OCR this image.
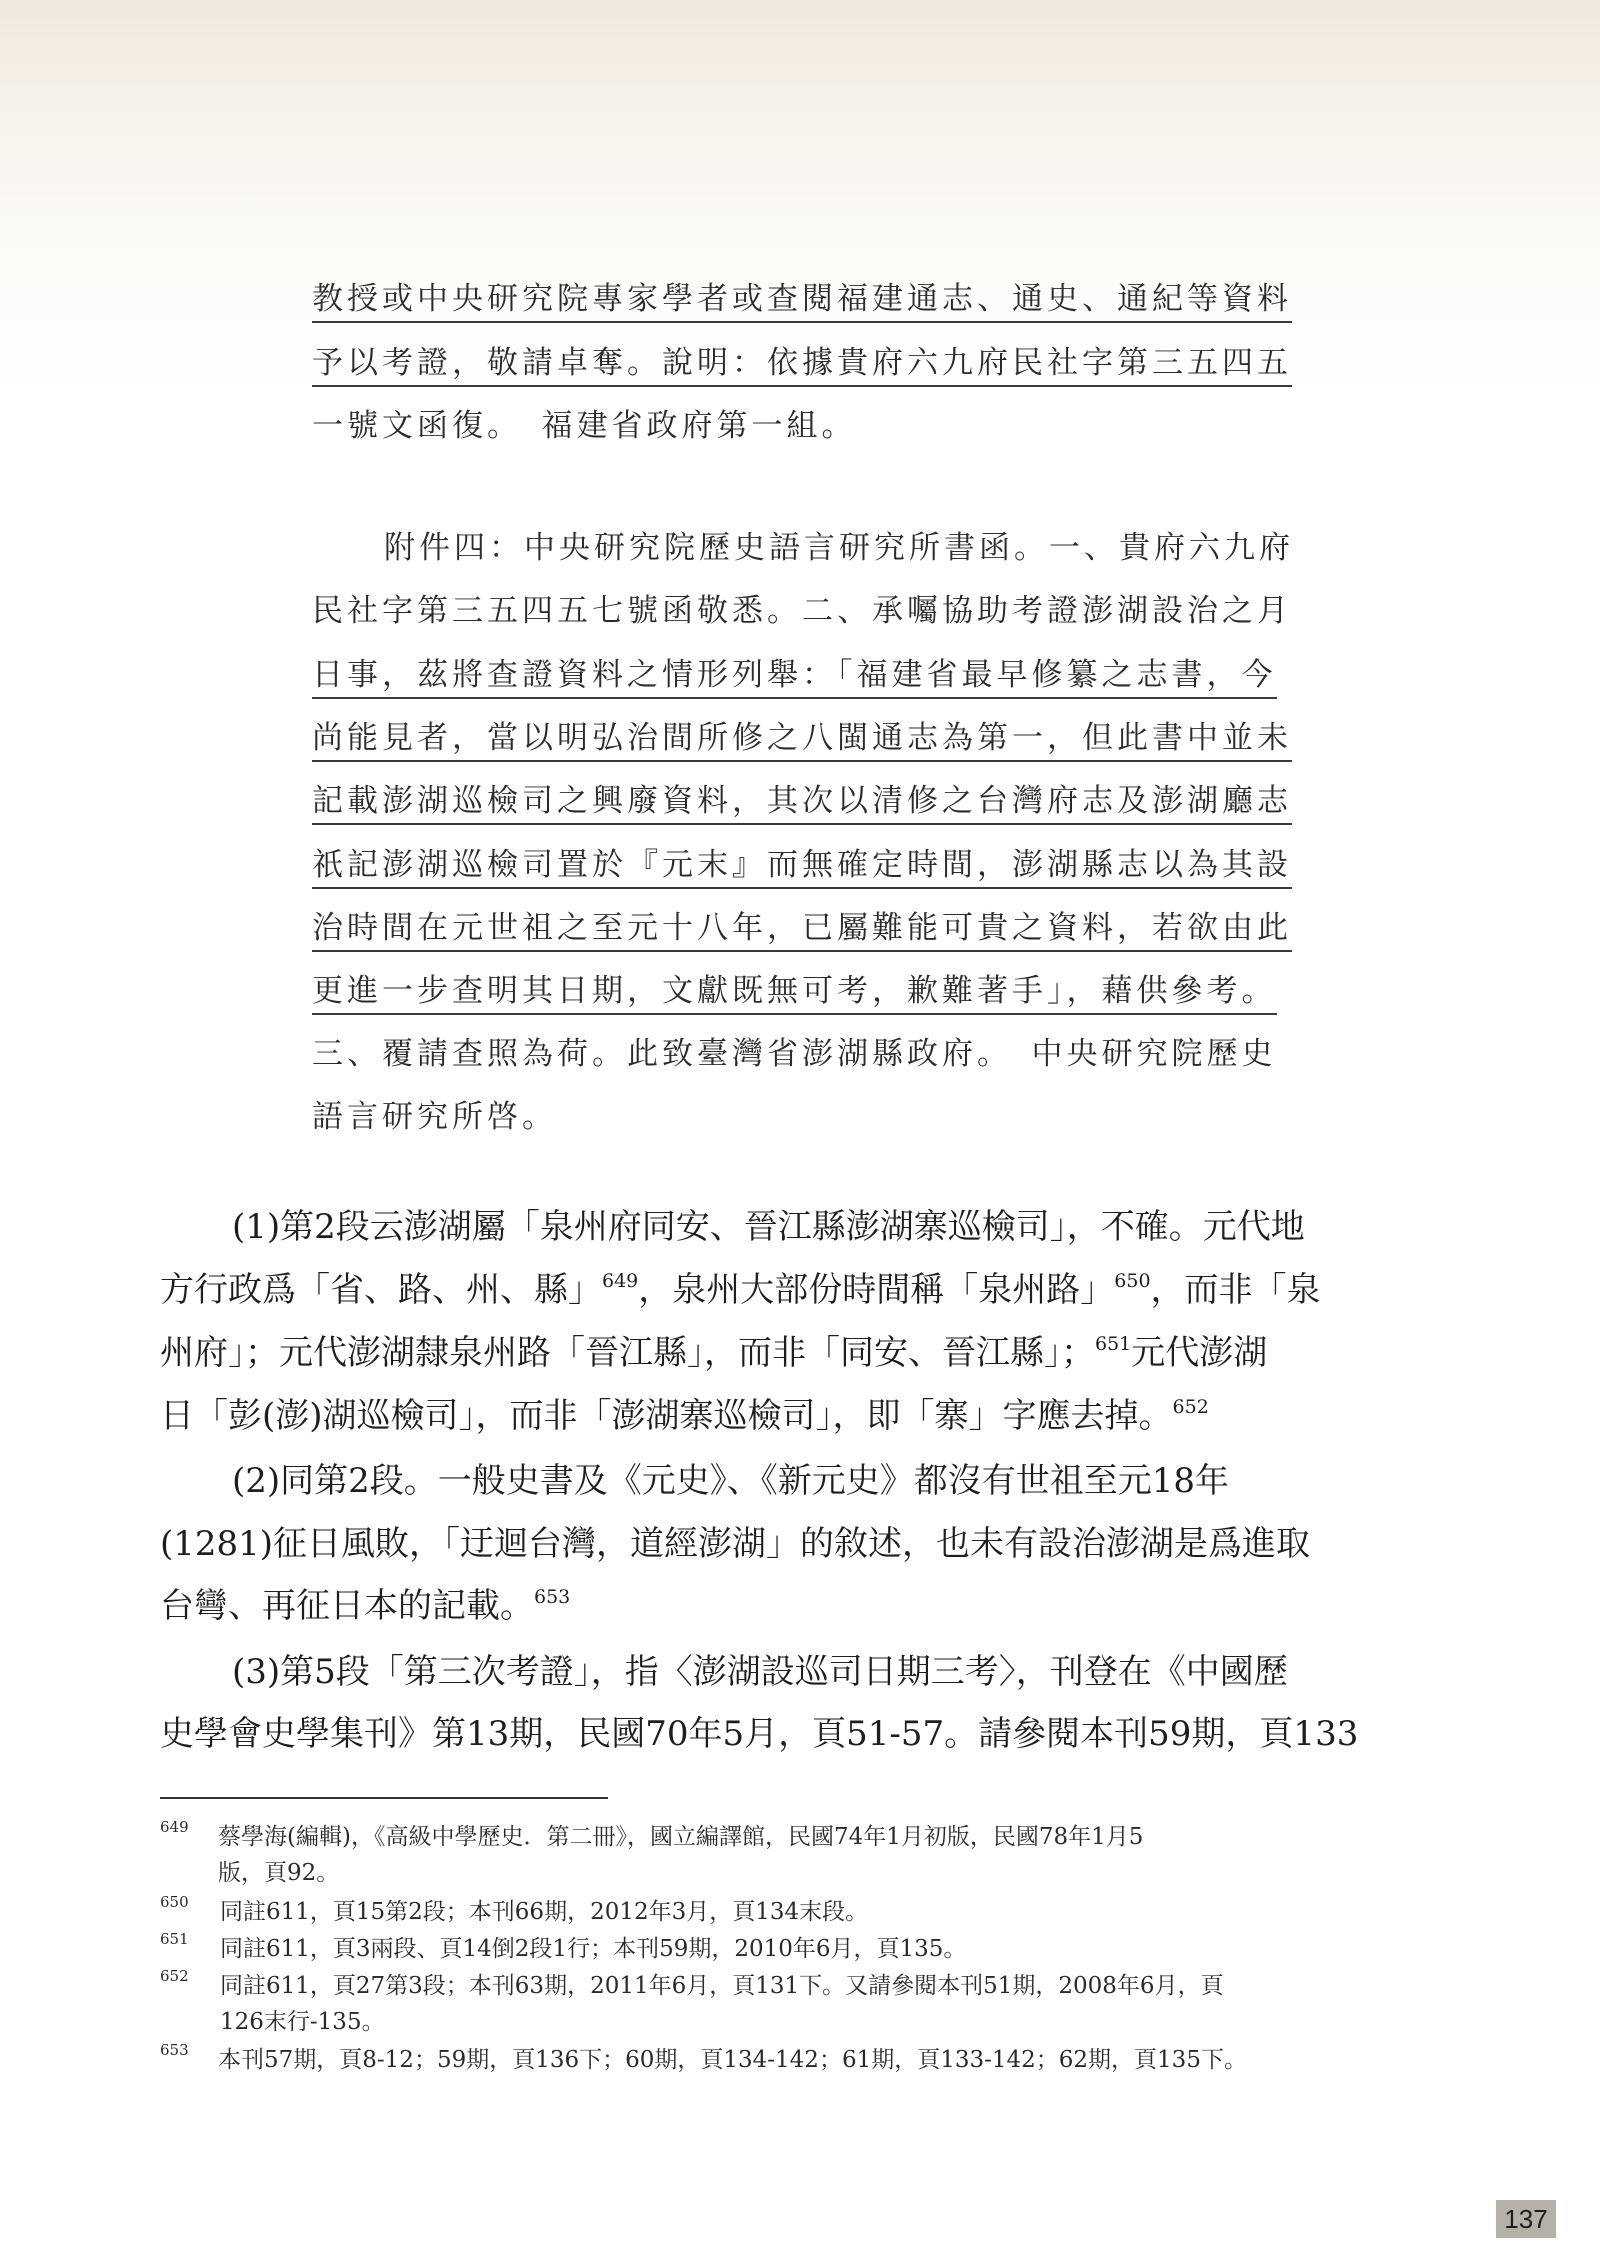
教授或中央研究院專家學者或查閱福建通志、通史、通紀等資料
予以考證，敬請卓奪。說明：依據貴府六九府民社字第三五四五
一號文函復。　福建省政府第一組。
附件四：中央研究院歷史語言研究所書函。一、貴府六九府
民社字第三五四五七號函敬悉。二、承囑協助考證澎湖設治之月
日事，茲將查證資料之情形列舉：「福建省最早修纂之志書，今
尚能見者，當以明弘治間所修之八閩通志為第一，但此書中並未
記載澎湖巡檢司之興廢資料，其次以清修之台灣府志及澎湖廳志
祇記澎湖巡檢司置於『元末』而無確定時間，澎湖縣志以為其設
治時間在元世祖之至元十八年，已屬難能可貴之資料，若欲由此
更進一步查明其日期，文獻既無可考，歉難著手」，藉供參考。
三、覆請查照為荷。此致臺灣省澎湖縣政府。　中央研究院歷史
語言研究所啓。
(1)第2段云澎湖屬「泉州府同安、晉江縣澎湖寨巡檢司」，不確。元代地
方行政爲「省、路、州、縣」$^{649}$，泉州大部份時間稱「泉州路」$^{650}$，而非「泉
州府」；元代澎湖隸泉州路「晉江縣」，而非「同安、晉江縣」；$^{651}$元代澎湖
日「彭(澎)湖巡檢司」，而非「澎湖寨巡檢司」，即「寨」字應去掉。$^{652}$
(2)同第2段。一般史書及《元史》、《新元史》都沒有世祖至元18年
(1281)征日風敗，「迂迴台灣，道經澎湖」的敘述，也未有設治澎湖是爲進取
台彎、再征日本的記載。$^{653}$
(3)第5段「第三次考證」，指〈澎湖設巡司日期三考〉，刊登在《中國歷
史學會史學集刊》第13期，民國70年5月，頁51-57。請參閱本刊59期，頁133
649 蔡學海(編輯)，《高級中學歷史．第二冊》，國立編譯館，民國74年1月初版，民國78年1月5
版，頁92。
650 同註611，頁15第2段；本刊66期，2012年3月，頁134末段。
651 同註611，頁3兩段、頁14倒2段1行；本刊59期，2010年6月，頁135。
652 同註611，頁27第3段；本刊63期，2011年6月，頁131下。又請參閱本刊51期，2008年6月，頁
126末行-135。
653 本刊57期，頁8-12；59期，頁136下；60期，頁134-142；61期，頁133-142；62期，頁135下。
137
